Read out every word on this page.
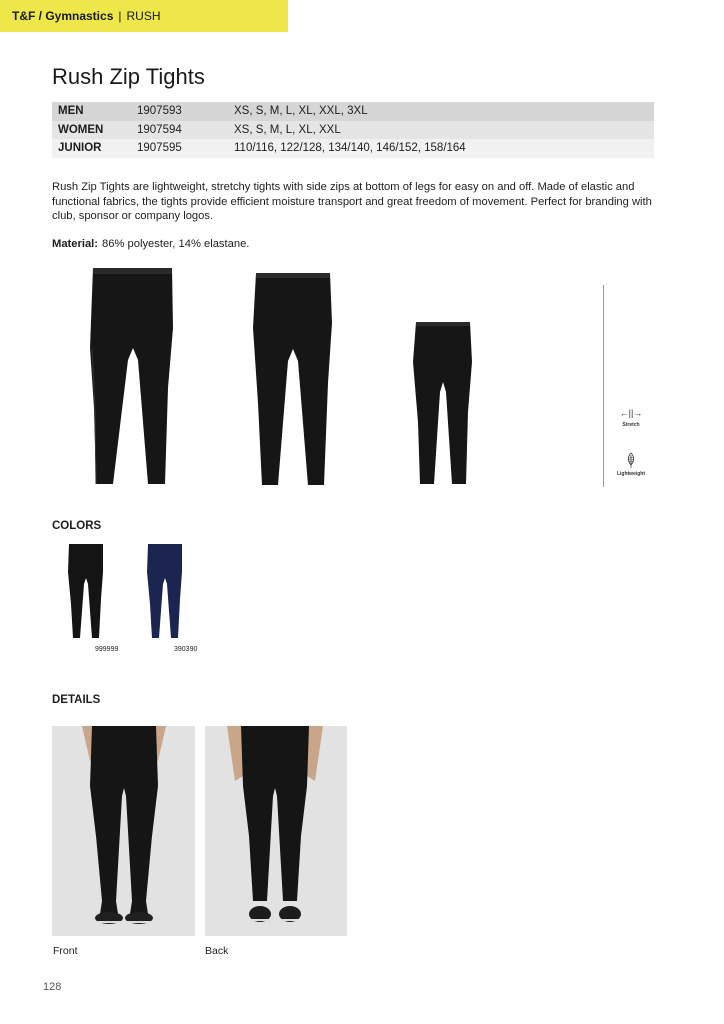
T&F / Gymnastics | RUSH
Rush Zip Tights
MEN	1907593	XS, S, M, L, XL, XXL, 3XL
WOMEN	1907594	XS, S, M, L, XL, XXL
JUNIOR	1907595	110/116, 122/128, 134/140, 146/152, 158/164

Rush Zip Tights are lightweight, stretchy tights with side zips at bottom of legs for easy on and off. Made of elastic and functional fabrics, the tights provide efficient moisture transport and great freedom of movement. Perfect for branding with club, sponsor or company logos.

Material: 86% polyester, 14% elastane.
←||→
Stretch
Lightweight
COLORS
999999	390390
DETAILS
Front	Back
128
